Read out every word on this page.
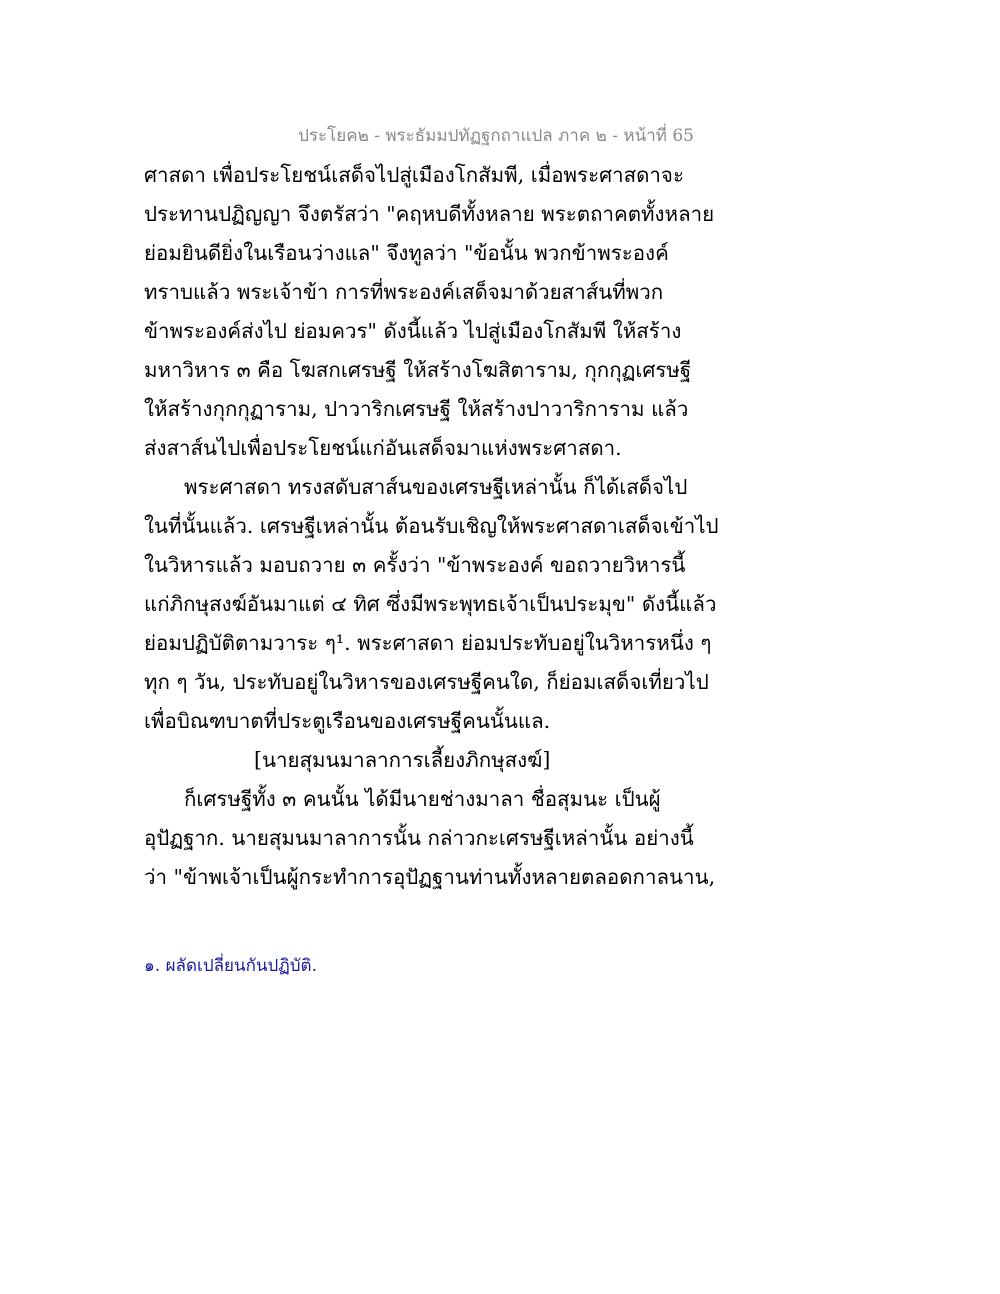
ประโยค๒ - พระธัมมปทัฏฐกถาแปล ภาค ๒ - หน้าที่ 65
ศาสดา เพื่อประโยชน์เสด็จไปสู่เมืองโกสัมพี, เมื่อพระศาสดาจะ
ประทานปฏิญญา จึงตรัสว่า "คฤหบดีทั้งหลาย พระตถาคตทั้งหลาย
ย่อมยินดียิ่งในเรือนว่างแล" จึงทูลว่า "ข้อนั้น พวกข้าพระองค์
ทราบแล้ว พระเจ้าข้า การที่พระองค์เสด็จมาด้วยสาส์นที่พวก
ข้าพระองค์ส่งไป ย่อมควร" ดังนี้แล้ว ไปสู่เมืองโกสัมพี ให้สร้าง
มหาวิหาร ๓ คือ โฆสกเศรษฐี ให้สร้างโฆสิตาราม, กุกกุฏเศรษฐี
ให้สร้างกุกกุฏาราม, ปาวาริกเศรษฐี ให้สร้างปาวาริการาม แล้ว
ส่งสาส์นไปเพื่อประโยชน์แก่อันเสด็จมาแห่งพระศาสดา.
พระศาสดา ทรงสดับสาส์นของเศรษฐีเหล่านั้น ก็ได้เสด็จไป
ในที่นั้นแล้ว. เศรษฐีเหล่านั้น ต้อนรับเชิญให้พระศาสดาเสด็จเข้าไป
ในวิหารแล้ว มอบถวาย ๓ ครั้งว่า "ข้าพระองค์ ขอถวายวิหารนี้
แก่ภิกษุสงฆ์อันมาแต่ ๔ ทิศ ซึ่งมีพระพุทธเจ้าเป็นประมุข" ดังนี้แล้ว
ย่อมปฏิบัติตามวาระ ๆ¹. พระศาสดา ย่อมประทับอยู่ในวิหารหนึ่ง ๆ
ทุก ๆ วัน, ประทับอยู่ในวิหารของเศรษฐีคนใด, ก็ย่อมเสด็จเที่ยวไป
เพื่อบิณฑบาตที่ประตูเรือนของเศรษฐีคนนั้นแล.
[นายสุมนมาลาการเลี้ยงภิกษุสงฆ์]
ก็เศรษฐีทั้ง ๓ คนนั้น ได้มีนายช่างมาลา ชื่อสุมนะ เป็นผู้
อุปัฏฐาก. นายสุมนมาลาการนั้น กล่าวกะเศรษฐีเหล่านั้น อย่างนี้
ว่า "ข้าพเจ้าเป็นผู้กระทำการอุปัฏฐานท่านทั้งหลายตลอดกาลนาน,
๑. ผลัดเปลี่ยนกันปฏิบัติ.
